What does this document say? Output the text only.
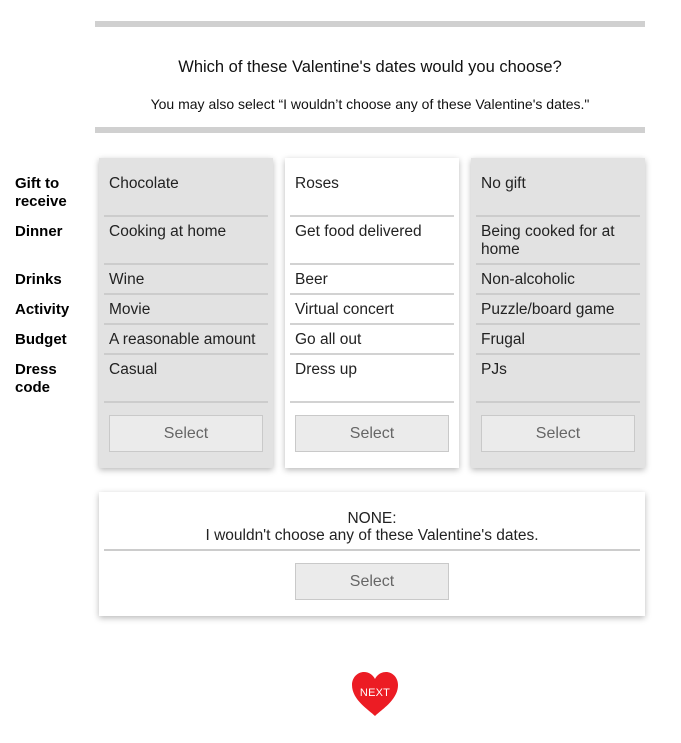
Which of these Valentine's dates would you choose?
You may also select “I wouldn’t choose any of these Valentine's dates."
Gift to receive
Dinner
Drinks
Activity
Budget
Dress code
Chocolate
Cooking at home
Wine
Movie
A reasonable amount
Casual
Select
Roses
Get food delivered
Beer
Virtual concert
Go all out
Dress up
Select
No gift
Being cooked for at home
Non-alcoholic
Puzzle/board game
Frugal
PJs
Select
NONE:
I wouldn't choose any of these Valentine's dates.
Select
NEXT
